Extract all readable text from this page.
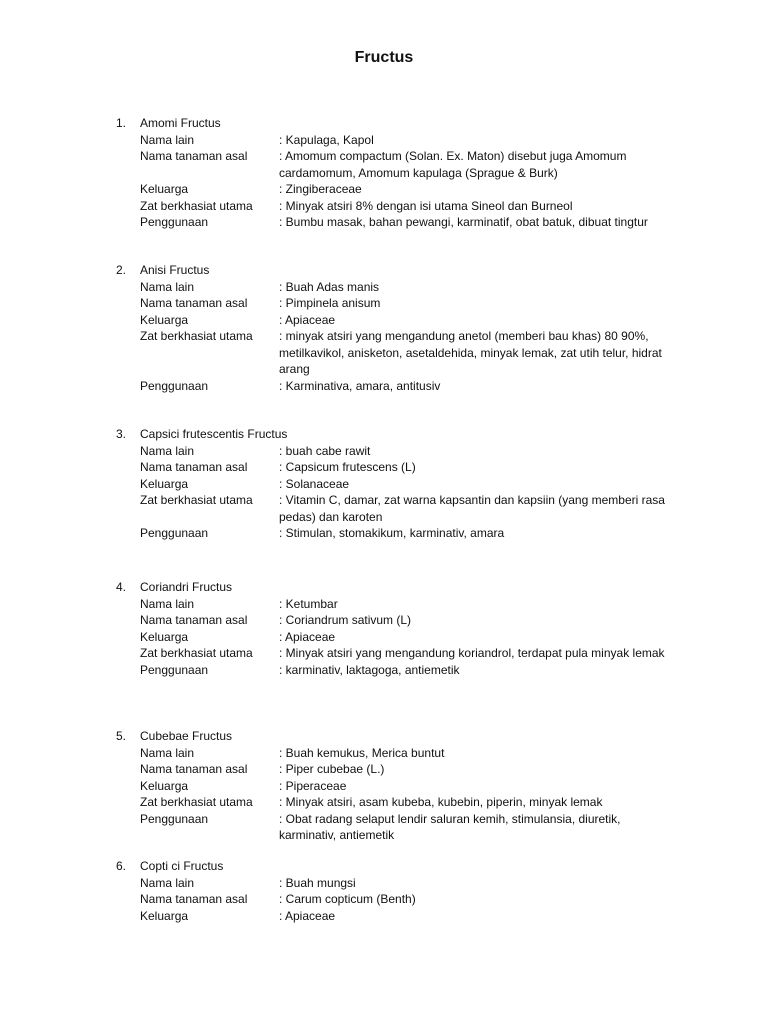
Fructus
1. Amomi Fructus
Nama lain	: Kapulaga, Kapol
Nama tanaman asal	: Amomum compactum (Solan. Ex. Maton) disebut juga Amomum cardamomum, Amomum kapulaga (Sprague & Burk)
Keluarga	: Zingiberaceae
Zat berkhasiat utama : Minyak atsiri 8% dengan isi utama Sineol dan Burneol
Penggunaan	: Bumbu masak, bahan pewangi, karminatif, obat batuk, dibuat tingtur
2. Anisi Fructus
Nama lain	: Buah Adas manis
Nama tanaman asal	: Pimpinela anisum
Keluarga	: Apiaceae
Zat berkhasiat utama : minyak atsiri yang mengandung anetol (memberi bau khas) 80 90%, metilkavikol, anisketon, asetaldehida, minyak lemak, zat utih telur, hidrat arang
Penggunaan	: Karminativa, amara, antitusiv
3. Capsici frutescentis Fructus
Nama lain	: buah cabe rawit
Nama tanaman asal	: Capsicum frutescens (L)
Keluarga	: Solanaceae
Zat berkhasiat utama : Vitamin C, damar, zat warna kapsantin dan kapsiin (yang memberi rasa pedas) dan karoten
Penggunaan	: Stimulan, stomakikum, karminativ, amara
4. Coriandri Fructus
Nama lain	: Ketumbar
Nama tanaman asal	: Coriandrum sativum (L)
Keluarga	: Apiaceae
Zat berkhasiat utama : Minyak atsiri yang mengandung koriandrol, terdapat pula minyak lemak
Penggunaan	: karminativ, laktagoga, antiemetik
5. Cubebae Fructus
Nama lain	: Buah kemukus, Merica buntut
Nama tanaman asal	: Piper cubebae (L.)
Keluarga	: Piperaceae
Zat berkhasiat utama : Minyak atsiri, asam kubeba, kubebin, piperin, minyak lemak
Penggunaan	: Obat radang selaput lendir saluran kemih, stimulansia, diuretik, karminativ, antiemetik
6. Copti ci Fructus
Nama lain	: Buah mungsi
Nama tanaman asal	: Carum copticum (Benth)
Keluarga	: Apiaceae
